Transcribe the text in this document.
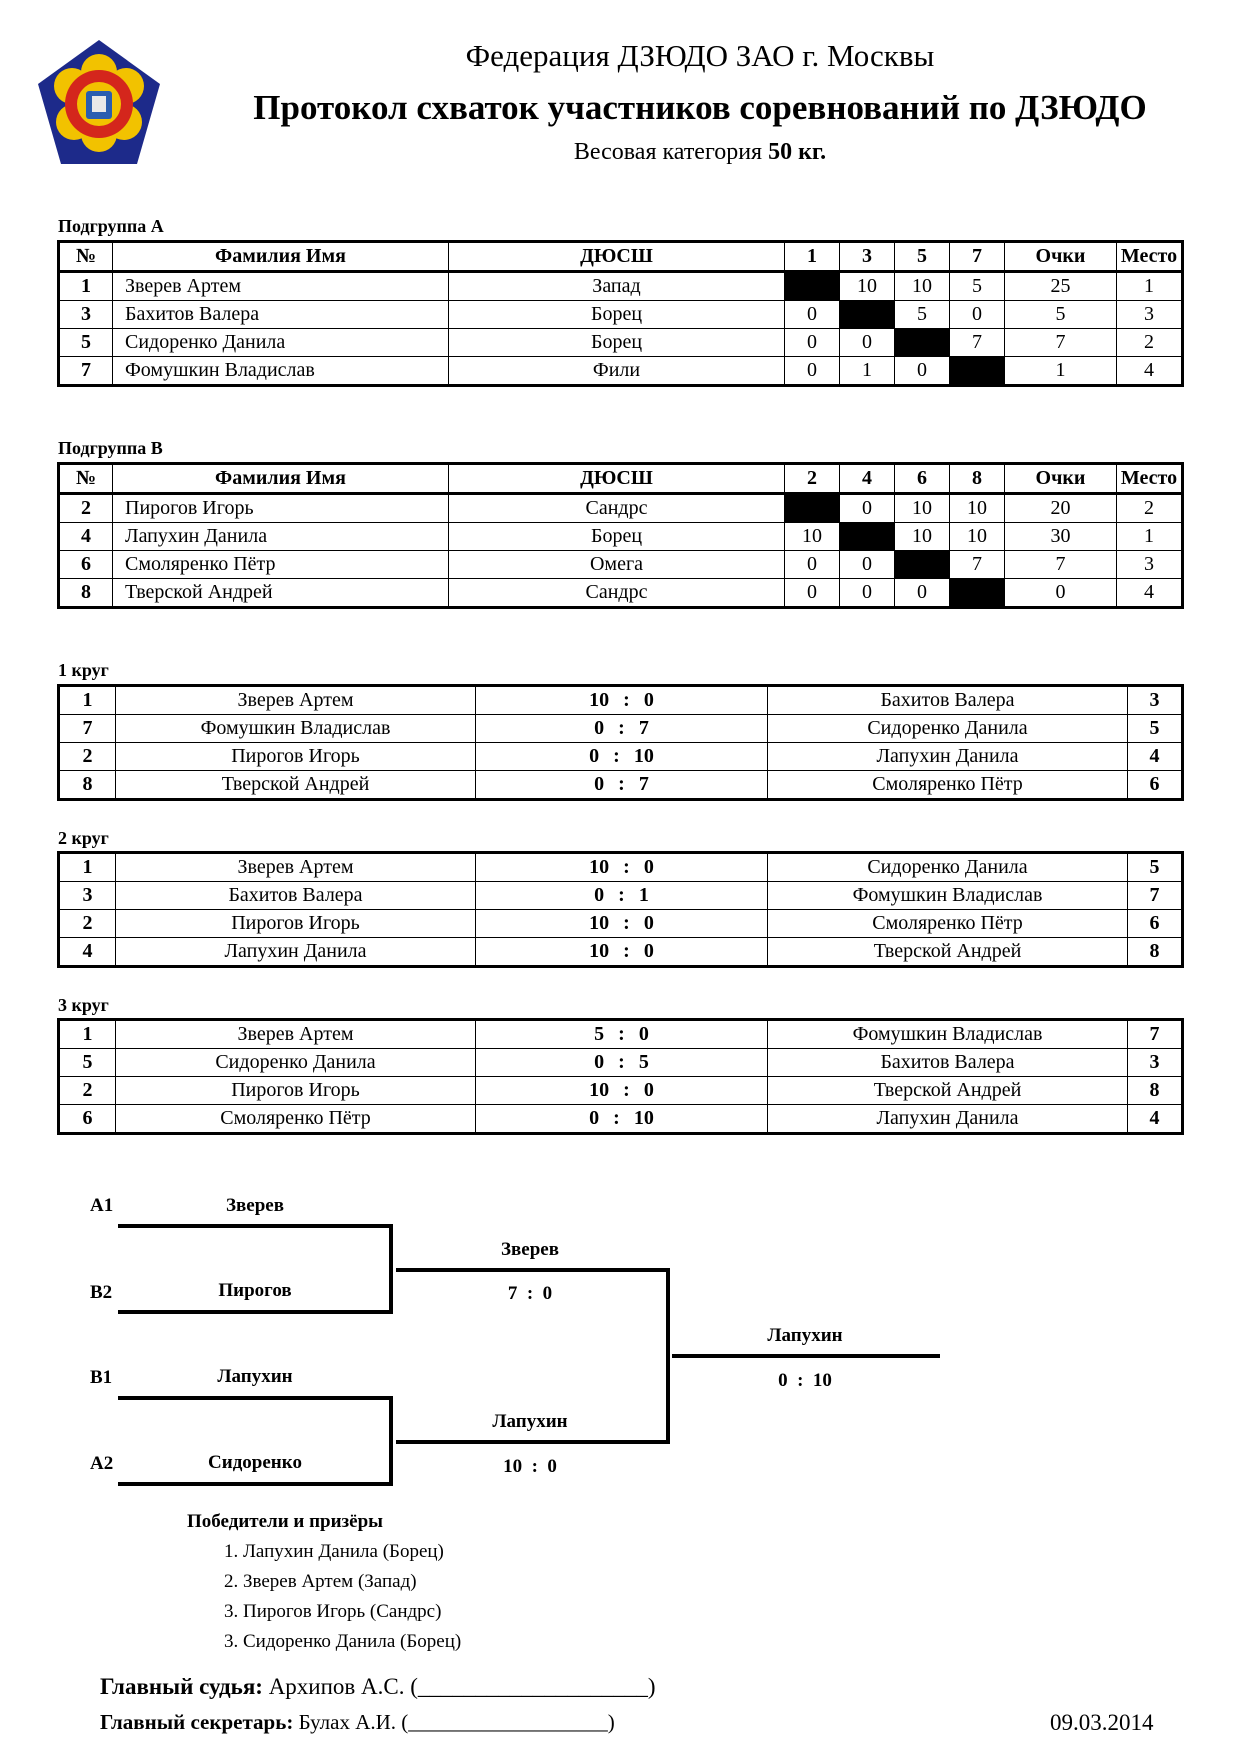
Федерация ДЗЮДО ЗАО г. Москвы
Протокол схваток участников соревнований по ДЗЮДО
Весовая категория 50 кг.
Подгруппа А
№	Фамилия Имя	ДЮСШ	1	3	5	7	Очки	Место
1	Зверев Артем	Запад		10	10	5	25	1
3	Бахитов Валера	Борец	0		5	0	5	3
5	Сидоренко Данила	Борец	0	0		7	7	2
7	Фомушкин Владислав	Фили	0	1	0		1	4
Подгруппа В
№	Фамилия Имя	ДЮСШ	2	4	6	8	Очки	Место
2	Пирогов Игорь	Сандрс		0	10	10	20	2
4	Лапухин Данила	Борец	10		10	10	30	1
6	Смоляренко Пётр	Омега	0	0		7	7	3
8	Тверской Андрей	Сандрс	0	0	0		0	4
1 круг
1	Зверев Артем	10 : 0	Бахитов Валера	3
7	Фомушкин Владислав	0 : 7	Сидоренко Данила	5
2	Пирогов Игорь	0 : 10	Лапухин Данила	4
8	Тверской Андрей	0 : 7	Смоляренко Пётр	6
2 круг
1	Зверев Артем	10 : 0	Сидоренко Данила	5
3	Бахитов Валера	0 : 1	Фомушкин Владислав	7
2	Пирогов Игорь	10 : 0	Смоляренко Пётр	6
4	Лапухин Данила	10 : 0	Тверской Андрей	8
3 круг
1	Зверев Артем	5 : 0	Фомушкин Владислав	7
5	Сидоренко Данила	0 : 5	Бахитов Валера	3
2	Пирогов Игорь	10 : 0	Тверской Андрей	8
6	Смоляренко Пётр	0 : 10	Лапухин Данила	4
A1	Зверев
B2	Пирогов
B1	Лапухин
A2	Сидоренко
Зверев
7  :  0
Лапухин
10  :  0
Лапухин
0  :  10
Победители и призёры
1. Лапухин Данила (Борец)
2. Зверев Артем (Запад)
3. Пирогов Игорь (Сандрс)
3. Сидоренко Данила (Борец)
Главный судья: Архипов А.С. (____________________)
Главный секретарь: Булах А.И. (___________________)	09.03.2014
